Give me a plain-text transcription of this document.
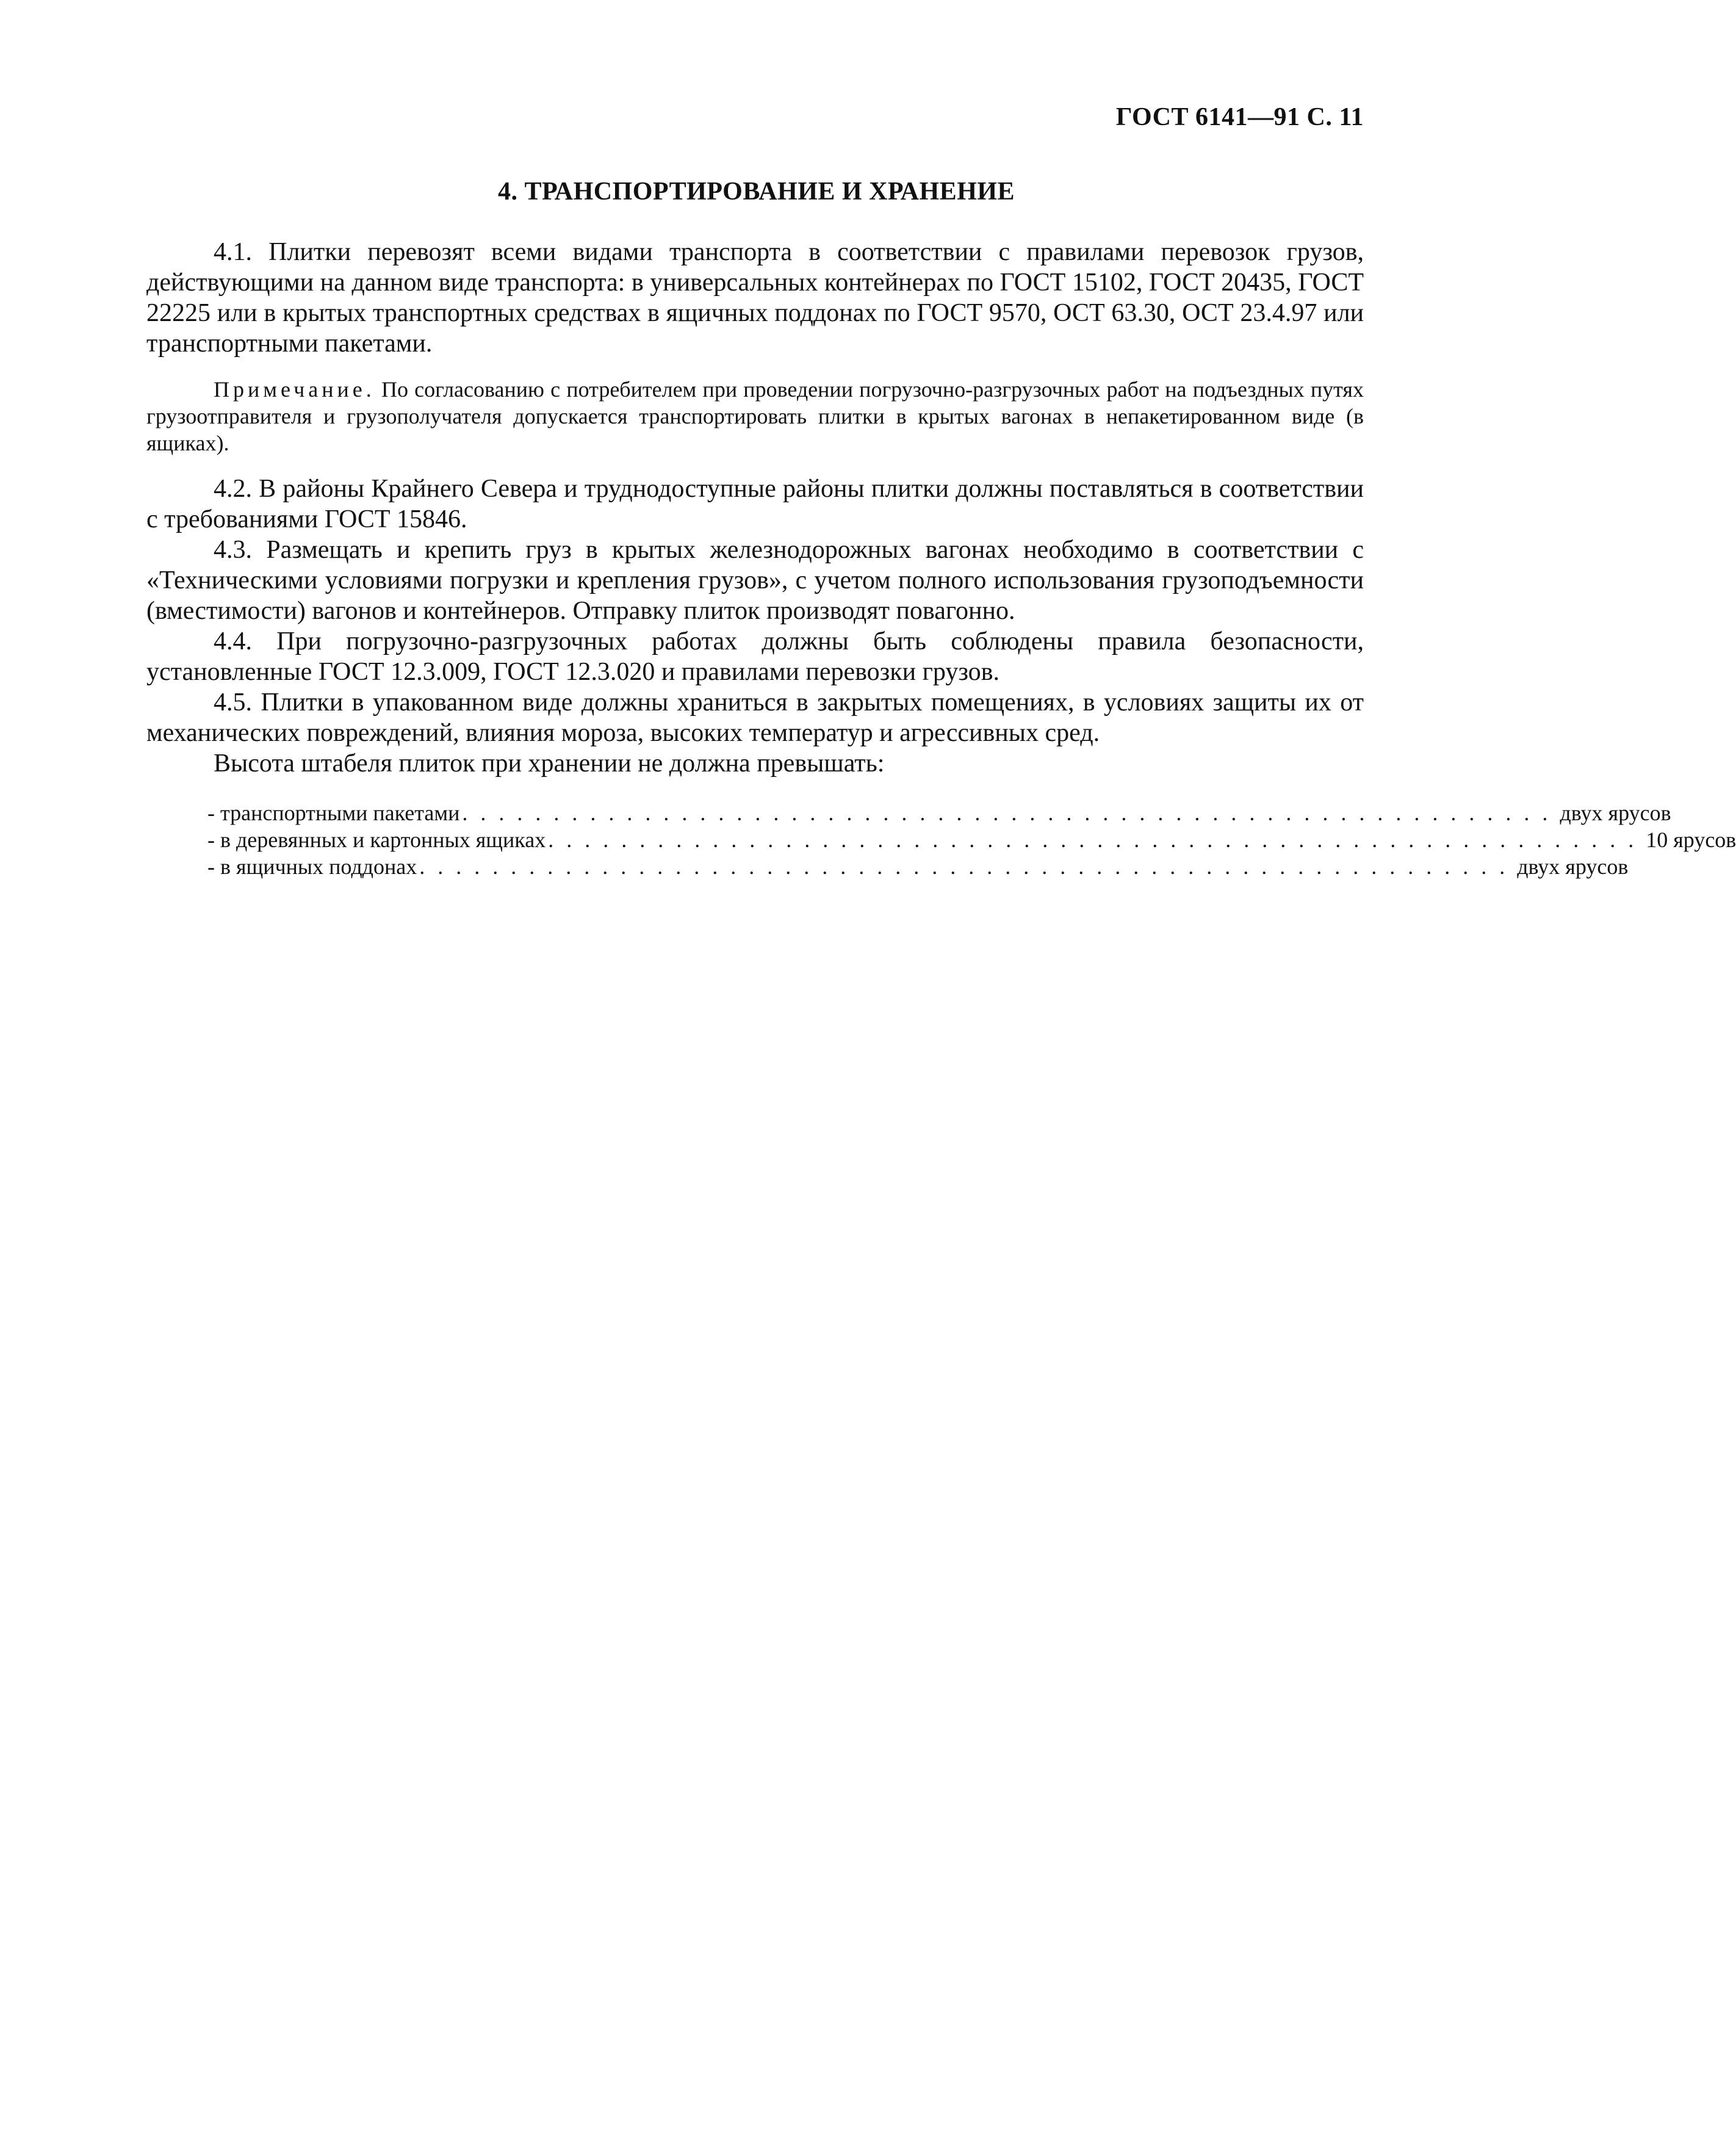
ГОСТ 6141—91 С. 11
4. ТРАНСПОРТИРОВАНИЕ И ХРАНЕНИЕ

4.1. Плитки перевозят всеми видами транспорта в соответствии с правилами перевозок грузов, действующими на данном виде транспорта: в универсальных контейнерах по ГОСТ 15102, ГОСТ 20435, ГОСТ 22225 или в крытых транспортных средствах в ящичных поддонах по ГОСТ 9570, ОСТ 63.30, ОСТ 23.4.97 или транспортными пакетами.

Примечание. По согласованию с потребителем при проведении погрузочно-разгрузочных работ на подъездных путях грузоотправителя и грузополучателя допускается транспортировать плитки в крытых вагонах в непакетированном виде (в ящиках).

4.2. В районы Крайнего Севера и труднодоступные районы плитки должны поставляться в соответствии с требованиями ГОСТ 15846.

4.3. Размещать и крепить груз в крытых железнодорожных вагонах необходимо в соответствии с «Техническими условиями погрузки и крепления грузов», с учетом полного использования грузоподъемности (вместимости) вагонов и контейнеров. Отправку плиток производят повагонно.

4.4. При погрузочно-разгрузочных работах должны быть соблюдены правила безопасности, установленные ГОСТ 12.3.009, ГОСТ 12.3.020 и правилами перевозки грузов.

4.5. Плитки в упакованном виде должны храниться в закрытых помещениях, в условиях защиты их от механических повреждений, влияния мороза, высоких температур и агрессивных сред.

Высота штабеля плиток при хранении не должна превышать:

- транспортными пакетами . . . . . . . . . . . . . . . . . . . . . . . . . . . . . . . . . . . . . . . . . . . . . . . . . . . . . . . . . . . . двух ярусов
- в деревянных и картонных ящиках . . . . . . . . . . . . . . . . . . . . . . . . . . . . . . . . . . . . . . . . . . . . . . . . . . . . . . . . . . . . 10 ярусов
- в ящичных поддонах . . . . . . . . . . . . . . . . . . . . . . . . . . . . . . . . . . . . . . . . . . . . . . . . . . . . . . . . . . . . двух ярусов
